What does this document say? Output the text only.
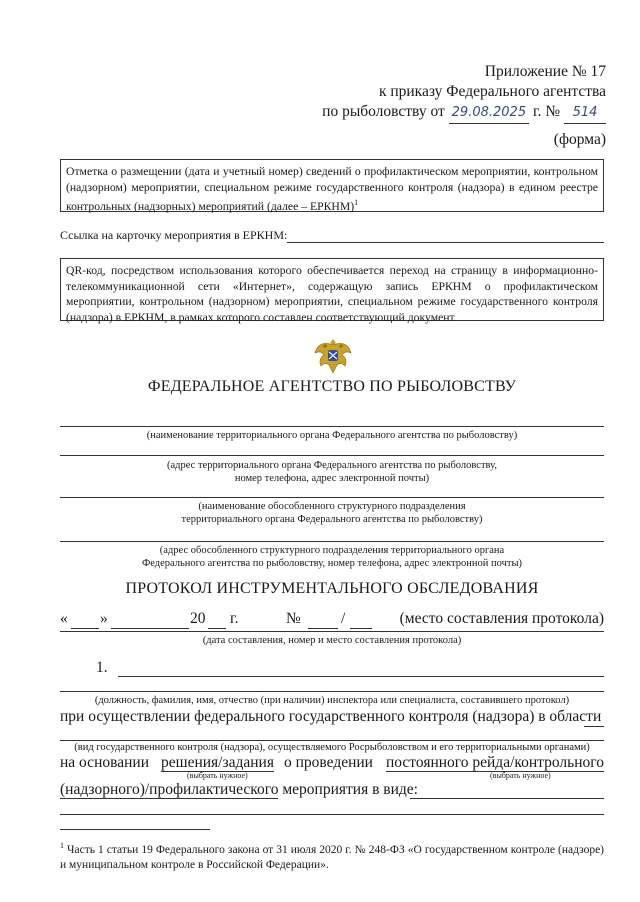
Приложение № 17
к приказу Федерального агентства
по рыболовству от 29.08.2025 г. № 514
(форма)
Отметка о размещении (дата и учетный номер) сведений о профилактическом мероприятии, контрольном (надзорном) мероприятии, специальном режиме государственного контроля (надзора) в едином реестре контрольных (надзорных) мероприятий (далее – ЕРКНМ)$^1$
Ссылка на карточку мероприятия в ЕРКНМ:
QR-код, посредством использования которого обеспечивается переход на страницу в информационно-телекоммуникационной сети «Интернет», содержащую запись ЕРКНМ о профилактическом мероприятии, контрольном (надзорном) мероприятии, специальном режиме государственного контроля (надзора) в ЕРКНМ, в рамках которого составлен соответствующий документ
ФЕДЕРАЛЬНОЕ АГЕНТСТВО ПО РЫБОЛОВСТВУ
(наименование территориального органа Федерального агентства по рыболовству)
(адрес территориального органа Федерального агентства по рыболовству,
номер телефона, адрес электронной почты)
(наименование обособленного структурного подразделения
территориального органа Федерального агентства по рыболовству)
(адрес обособленного структурного подразделения территориального органа
Федерального агентства по рыболовству, номер телефона, адрес электронной почты)
ПРОТОКОЛ ИНСТРУМЕНТАЛЬНОГО ОБСЛЕДОВАНИЯ
« »	20 г.	№	/	(место составления протокола)
(дата составления, номер и место составления протокола)
1.
(должность, фамилия, имя, отчество (при наличии) инспектора или специалиста, составившего протокол)
при осуществлении федерального государственного контроля (надзора) в области
(вид государственного контроля (надзора), осуществляемого Росрыболовством и его территориальными органами)
на основании решения/задания о проведении постоянного рейда/контрольного
(выбрать нужное)	(выбрать нужное)
(надзорного)/профилактического мероприятия в виде:
$^1$ Часть 1 статьи 19 Федерального закона от 31 июля 2020 г. № 248-ФЗ «О государственном контроле (надзоре) и муниципальном контроле в Российской Федерации».
